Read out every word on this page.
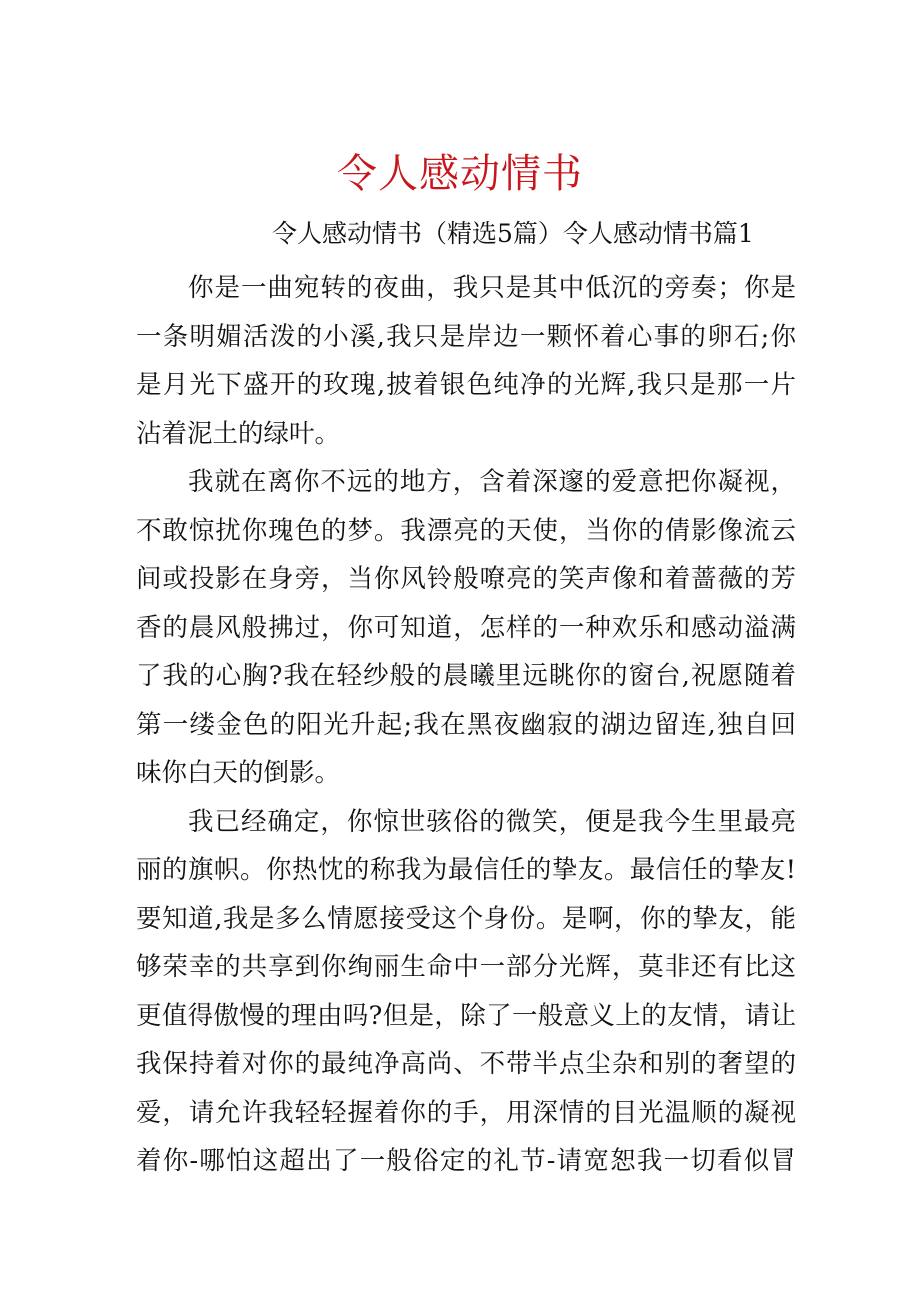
令人感动情书
令人感动情书（精选5篇）令人感动情书篇1
你是一曲宛转的夜曲，我只是其中低沉的旁奏；你是
一条明媚活泼的小溪,我只是岸边一颗怀着心事的卵石;你
是月光下盛开的玫瑰,披着银色纯净的光辉,我只是那一片
沾着泥土的绿叶。
我就在离你不远的地方，含着深邃的爱意把你凝视，
不敢惊扰你瑰色的梦。我漂亮的天使，当你的倩影像流云
间或投影在身旁，当你风铃般嘹亮的笑声像和着蔷薇的芳
香的晨风般拂过，你可知道，怎样的一种欢乐和感动溢满
了我的心胸?我在轻纱般的晨曦里远眺你的窗台,祝愿随着
第一缕金色的阳光升起;我在黑夜幽寂的湖边留连,独自回
味你白天的倒影。
我已经确定，你惊世骇俗的微笑，便是我今生里最亮
丽的旗帜。你热忱的称我为最信任的挚友。最信任的挚友!
要知道,我是多么情愿接受这个身份。是啊，你的挚友，能
够荣幸的共享到你绚丽生命中一部分光辉，莫非还有比这
更值得傲慢的理由吗?但是，除了一般意义上的友情，请让
我保持着对你的最纯净高尚、不带半点尘杂和别的奢望的
爱，请允许我轻轻握着你的手，用深情的目光温顺的凝视
着你-哪怕这超出了一般俗定的礼节-请宽恕我一切看似冒
